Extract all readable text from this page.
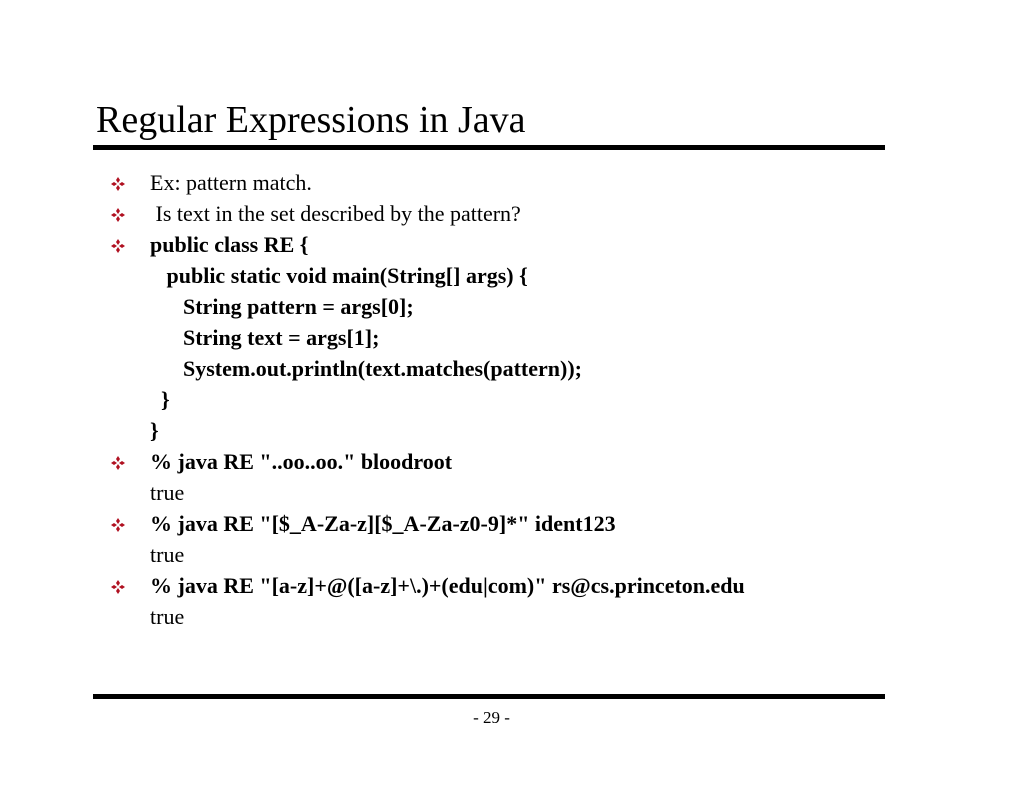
Regular Expressions in Java
Ex: pattern match.
Is text in the set described by the pattern?
public class RE {
public static void main(String[] args) {
String pattern = args[0];
String text = args[1];
System.out.println(text.matches(pattern));
}
}
% java RE "..oo..oo." bloodroot
true
% java RE "[$_A-Za-z][$_A-Za-z0-9]*" ident123
true
% java RE "[a-z]+@([a-z]+\.)+(edu|com)" rs@cs.princeton.edu
true
- 29 -
